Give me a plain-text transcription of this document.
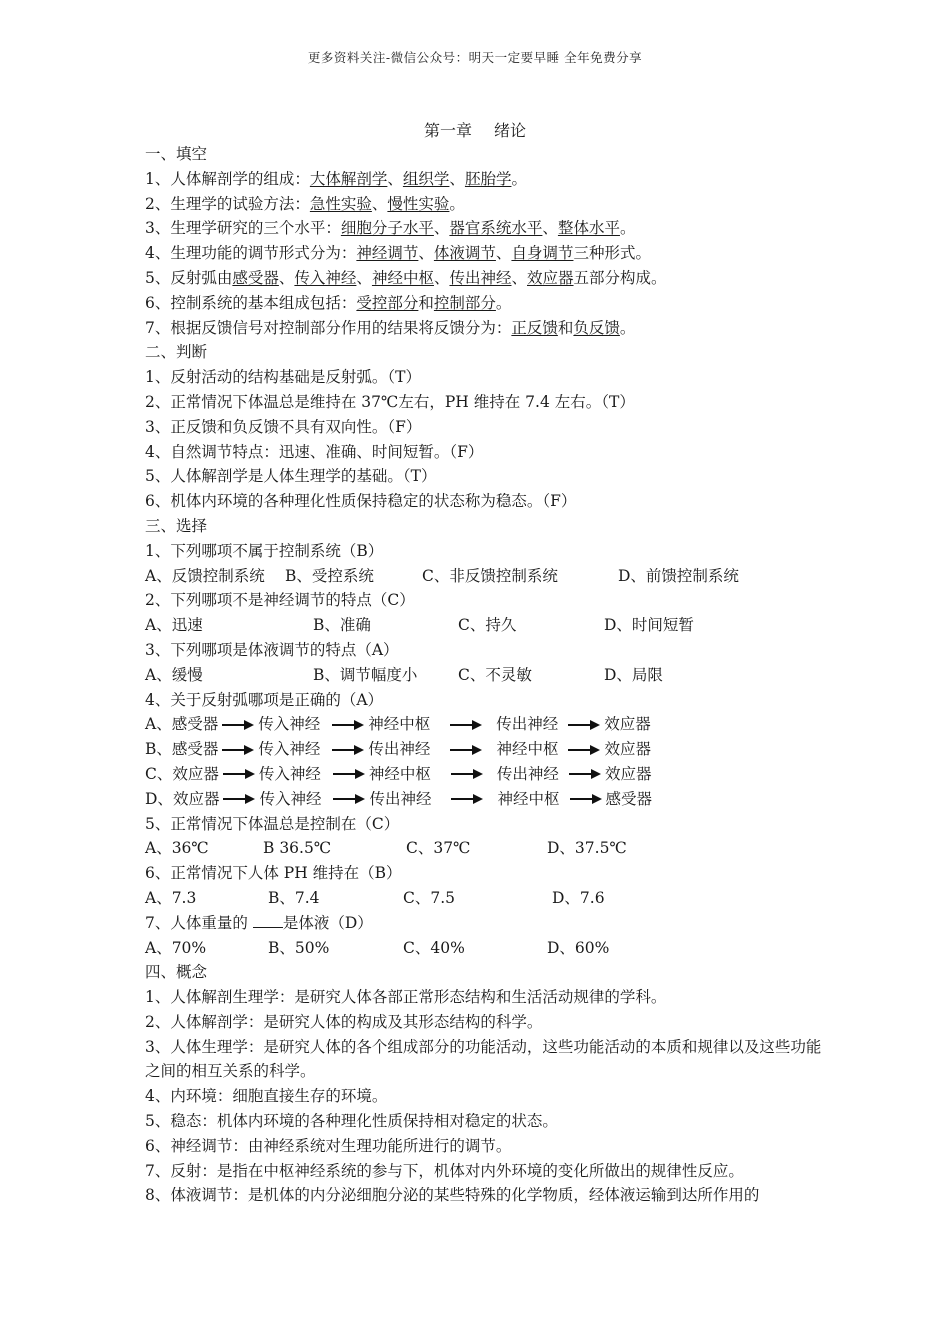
更多资料关注-微信公众号：明天一定要早睡 全年免费分享
第一章 绪论
一、填空
1、人体解剖学的组成：大体解剖学、组织学、胚胎学。
2、生理学的试验方法：急性实验、慢性实验。
3、生理学研究的三个水平：细胞分子水平、器官系统水平、整体水平。
4、生理功能的调节形式分为：神经调节、体液调节、自身调节三种形式。
5、反射弧由感受器、传入神经、神经中枢、传出神经、效应器五部分构成。
6、控制系统的基本组成包括：受控部分和控制部分。
7、根据反馈信号对控制部分作用的结果将反馈分为：正反馈和负反馈。
二、判断
1、反射活动的结构基础是反射弧。（T）
2、正常情况下体温总是维持在 37℃左右，PH 维持在 7.4 左右。（T）
3、正反馈和负反馈不具有双向性。（F）
4、自然调节特点：迅速、准确、时间短暂。（F）
5、人体解剖学是人体生理学的基础。（T）
6、机体内环境的各种理化性质保持稳定的状态称为稳态。（F）
三、选择
1、下列哪项不属于控制系统（B）
A、反馈控制系统	B、受控系统	C、非反馈控制系统	D、前馈控制系统
2、下列哪项不是神经调节的特点（C）
A、迅速	B、准确	C、持久	D、时间短暂
3、下列哪项是体液调节的特点（A）
A、缓慢	B、调节幅度小	C、不灵敏	D、局限
4、关于反射弧哪项是正确的（A）
A、 感受器	传入神经	神经中枢	传出神经	效应器
B、 感受器	传入神经	传出神经	神经中枢	效应器
C、 效应器	传入神经	神经中枢	传出神经	效应器
D、 效应器	传入神经	传出神经	神经中枢	感受器
5、正常情况下体温总是控制在（C）
A、36℃	B 36.5℃	C、37℃	D、37.5℃
6、正常情况下人体 PH 维持在（B）
A、7.3	B、7.4	C、7.5	D、7.6
7、人体重量的 是体液（D）
A、70%	B、50%	C、40%	D、60%
四、概念
1、人体解剖生理学：是研究人体各部正常形态结构和生活活动规律的学科。
2、人体解剖学：是研究人体的构成及其形态结构的科学。
3、人体生理学：是研究人体的各个组成部分的功能活动，这些功能活动的本质和规律以及这些功能之间的相互关系的科学。
4、内环境：细胞直接生存的环境。
5、稳态：机体内环境的各种理化性质保持相对稳定的状态。
6、神经调节：由神经系统对生理功能所进行的调节。
7、反射：是指在中枢神经系统的参与下，机体对内外环境的变化所做出的规律性反应。
8、体液调节：是机体的内分泌细胞分泌的某些特殊的化学物质，经体液运输到达所作用的
